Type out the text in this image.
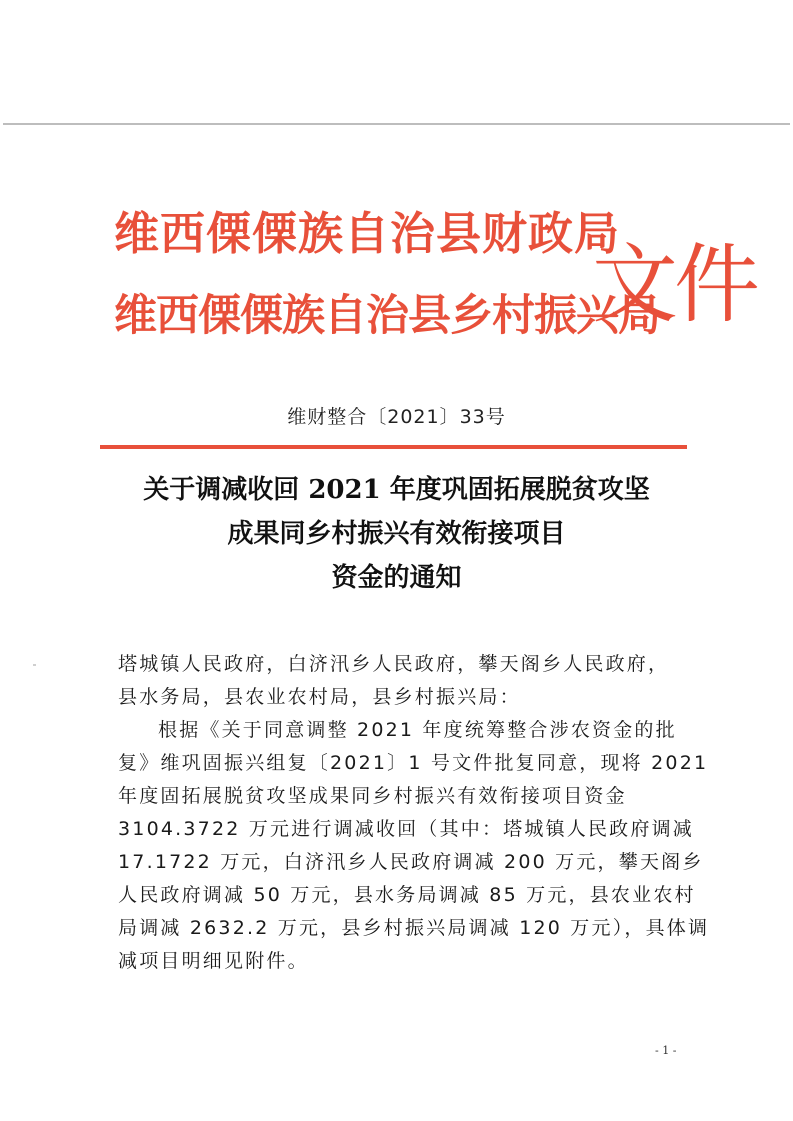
维西傈傈族自治县财政局
维西傈傈族自治县乡村振兴局
文件
维财整合〔2021〕33号
关于调减收回 2021 年度巩固拓展脱贫攻坚
成果同乡村振兴有效衔接项目
资金的通知
塔城镇人民政府，白济汛乡人民政府，攀天阁乡人民政府，
县水务局，县农业农村局，县乡村振兴局：
根据《关于同意调整 2021 年度统筹整合涉农资金的批
复》维巩固振兴组复〔2021〕1 号文件批复同意，现将 2021
年度固拓展脱贫攻坚成果同乡村振兴有效衔接项目资金
3104.3722 万元进行调减收回（其中：塔城镇人民政府调减
17.1722 万元，白济汛乡人民政府调减 200 万元，攀天阁乡
人民政府调减 50 万元，县水务局调减 85 万元，县农业农村
局调减 2632.2 万元，县乡村振兴局调减 120 万元），具体调
减项目明细见附件。
- 1 -
